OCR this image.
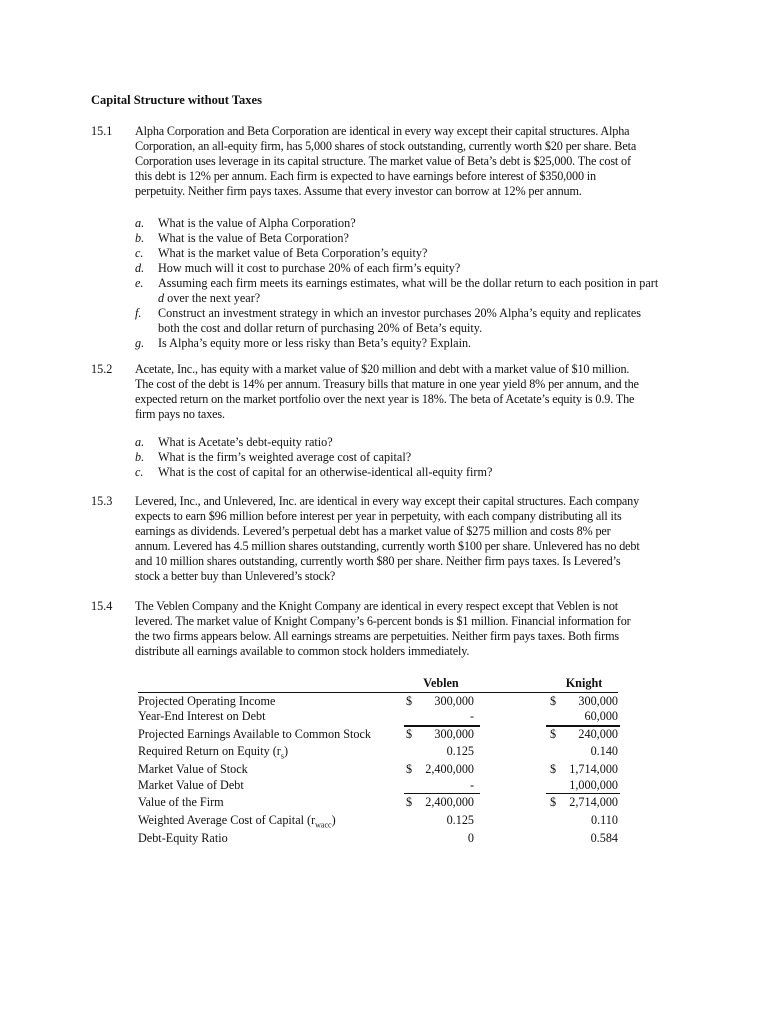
Capital Structure without Taxes
15.1 Alpha Corporation and Beta Corporation are identical in every way except their capital structures. Alpha
Corporation, an all-equity firm, has 5,000 shares of stock outstanding, currently worth $20 per share. Beta
Corporation uses leverage in its capital structure. The market value of Beta’s debt is $25,000. The cost of
this debt is 12% per annum. Each firm is expected to have earnings before interest of $350,000 in
perpetuity. Neither firm pays taxes. Assume that every investor can borrow at 12% per annum.
a. What is the value of Alpha Corporation?
b. What is the value of Beta Corporation?
c. What is the market value of Beta Corporation’s equity?
d. How much will it cost to purchase 20% of each firm’s equity?
e. Assuming each firm meets its earnings estimates, what will be the dollar return to each position in part
d over the next year?
f. Construct an investment strategy in which an investor purchases 20% Alpha’s equity and replicates
both the cost and dollar return of purchasing 20% of Beta’s equity.
g. Is Alpha’s equity more or less risky than Beta’s equity? Explain.
15.2 Acetate, Inc., has equity with a market value of $20 million and debt with a market value of $10 million.
The cost of the debt is 14% per annum. Treasury bills that mature in one year yield 8% per annum, and the
expected return on the market portfolio over the next year is 18%. The beta of Acetate’s equity is 0.9. The
firm pays no taxes.
a. What is Acetate’s debt-equity ratio?
b. What is the firm’s weighted average cost of capital?
c. What is the cost of capital for an otherwise-identical all-equity firm?
15.3 Levered, Inc., and Unlevered, Inc. are identical in every way except their capital structures. Each company
expects to earn $96 million before interest per year in perpetuity, with each company distributing all its
earnings as dividends. Levered’s perpetual debt has a market value of $275 million and costs 8% per
annum. Levered has 4.5 million shares outstanding, currently worth $100 per share. Unlevered has no debt
and 10 million shares outstanding, currently worth $80 per share. Neither firm pays taxes. Is Levered’s
stock a better buy than Unlevered’s stock?
15.4 The Veblen Company and the Knight Company are identical in every respect except that Veblen is not
levered. The market value of Knight Company’s 6-percent bonds is $1 million. Financial information for
the two firms appears below. All earnings streams are perpetuities. Neither firm pays taxes. Both firms
distribute all earnings available to common stock holders immediately.
Veblen	Knight
Projected Operating Income	$	300,000	$	300,000
Year-End Interest on Debt	-	60,000
Projected Earnings Available to Common Stock	$	300,000	$	240,000
Required Return on Equity $(r_s)$	0.125	0.140
Market Value of Stock	$	2,400,000	$	1,714,000
Market Value of Debt	-	1,000,000
Value of the Firm	$	2,400,000	$	2,714,000
Weighted Average Cost of Capital $(r_{wacc})$	0.125	0.110
Debt-Equity Ratio	0	0.584
